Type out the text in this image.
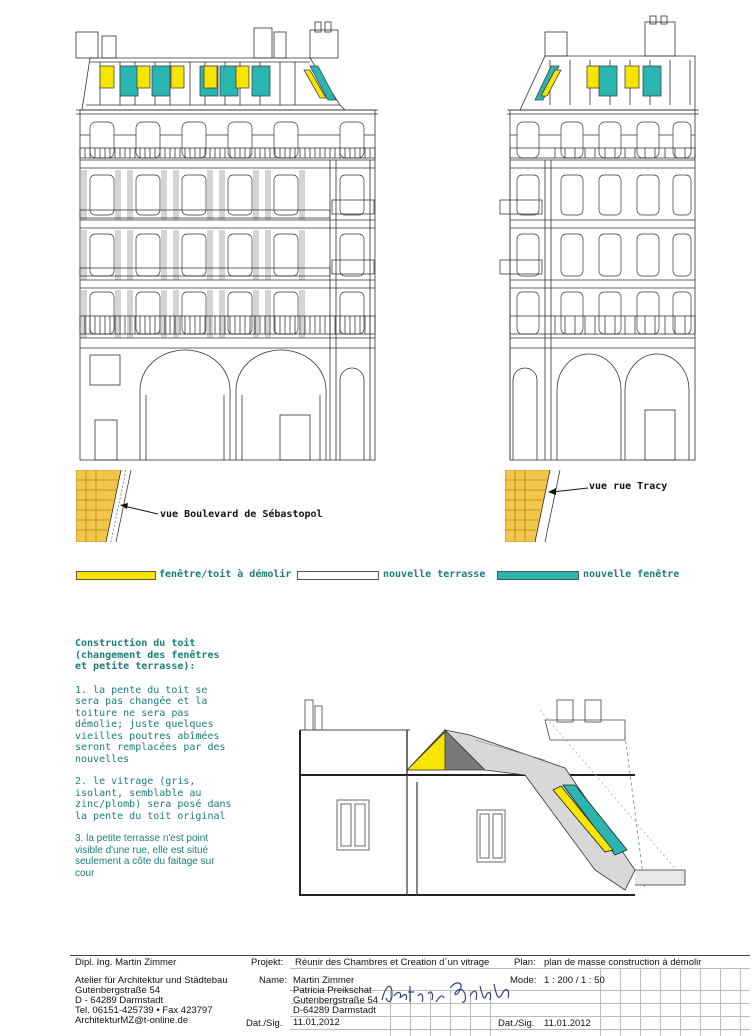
vue Boulevard de Sébastopol
vue rue Tracy
fenêtre/toit à démolir	nouvelle terrasse	nouvelle fenêtre
Construction du toit (changement des fenêtres et petite terrasse):

1. la pente du toit se sera pas changée et la toiture ne sera pas démolie; juste quelques vieilles poutres abîmées seront remplacées par des nouvelles

2. le vitrage (gris, isolant, semblable au zinc/plomb) sera posé dans la pente du toit original

3. la petite terrasse n'est point visible d'une rue, elle est situé seulement a côte du faitage sur cour

Dipl. Ing. Martin Zimmer
Atelier für Architektur und Städtebau
Gutenbergstraße 54
D - 64289 Darmstadt
Tel. 06151-425739 • Fax 423797
ArchitekturMZ@t-online.de
Projekt: Réunir des Chambres et Creation d´un vitrage	Plan: plan de masse construction à démolir
Name: Martin Zimmer
Patricia Preikschat
Gutenbergstraße 54
D-64289 Darmstadt
Mode: 1 : 200 / 1 : 50
Dat./Sig. 11.01.2012	Dat./Sig. 11.01.2012
